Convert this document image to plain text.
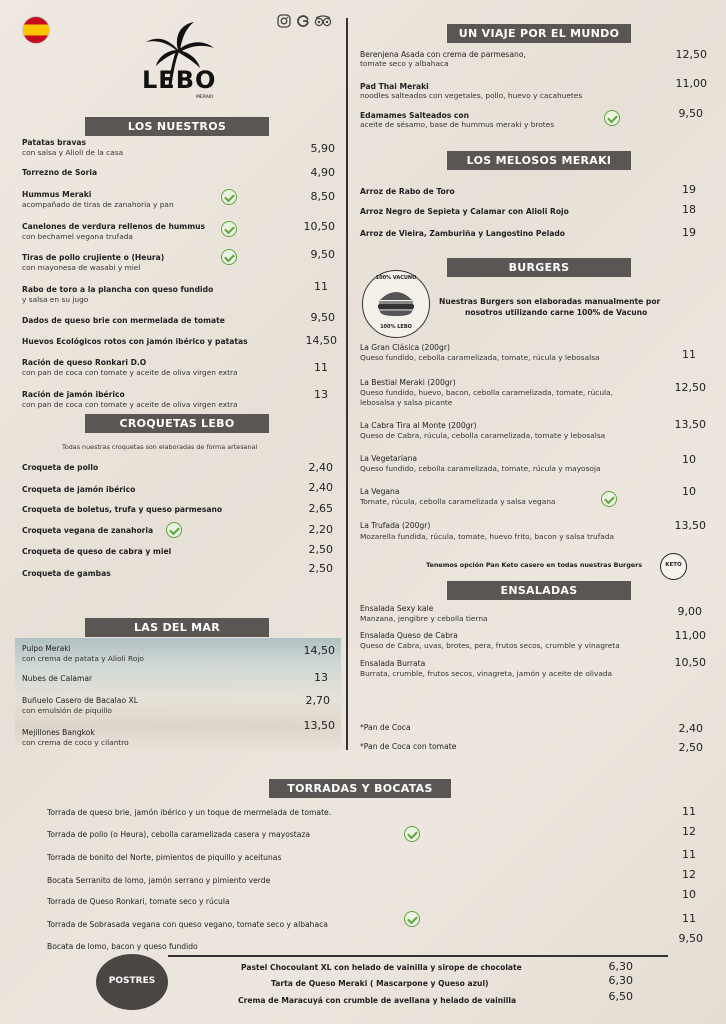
LEBO
MERAKI
LOS NUESTROS
Patatas bravas
con salsa y Alioli de la casa	5,90
Torrezno de Soria	4,90
Hummus Meraki
acompañado de tiras de zanahoria y pan
8,50
Canelones de verdura rellenos de hummus
con bechamel vegana trufada
10,50
Tiras de pollo crujiente o (Heura)
con mayonesa de wasabi y miel
9,50
Rabo de toro a la plancha con queso fundido
y salsa en su jugo
11
Dados de queso brie con mermelada de tomate	9,50
Huevos Ecológicos rotos con jamón ibérico y patatas	14,50
Ración de queso Ronkari D.O
con pan de coca con tomate y aceite de oliva virgen extra	11
Ración de jamón ibérico
con pan de coca con tomate y aceite de oliva virgen extra
13
CROQUETAS LEBO
Todas nuestras croquetas son elaboradas de forma artesanal
Croqueta de pollo	2,40
Croqueta de jamón ibérico	2,40
Croqueta de boletus, trufa y queso parmesano	2,65
Croqueta vegana de zanahoria	2,20
Croqueta de queso de cabra y miel	2,50
Croqueta de gambas	2,50
LAS DEL MAR
Pulpo Meraki
con crema de patata y Alioli Rojo
14,50
Nubes de Calamar	13
Buñuelo Casero de Bacalao XL
con emulsión de piquillo
2,70
Mejillones Bangkok
con crema de coco y cilantro
13,50
UN VIAJE POR EL MUNDO
Berenjena Asada con crema de parmesano,
tomate seco y albahaca
12,50
Pad Thai Meraki
noodles salteados con vegetales, pollo, huevo y cacahuetes
11,00
Edamames Salteados con
aceite de sésamo, base de hummus meraki y brotes
9,50
LOS MELOSOS MERAKI
Arroz de Rabo de Toro	19
Arroz Negro de Sepieta y Calamar con Alioli Rojo	18
Arroz de Vieira, Zamburiña y Langostino Pelado	19
BURGERS
100% VACUNO
100% LEBO
Nuestras Burgers son elaboradas manualmente por
nosotros utilizando carne 100% de Vacuno
La Gran Clásica (200gr)
Queso fundido, cebolla caramelizada, tomate, rúcula y lebosalsa	11
La Bestial Meraki (200gr)
Queso fundido, huevo, bacon, cebolla caramelizada, tomate, rúcula,
lebosalsa y salsa picante
12,50
La Cabra Tira al Monte (200gr)
Queso de Cabra, rúcula, cebolla caramelizada, tomate y lebosalsa
13,50
La Vegetariana
Queso fundido, cebolla caramelizada, tomate, rúcula y mayosoja
10
La Vegana
Tomate, rúcula, cebolla caramelizada y salsa vegana
10
La Trufada (200gr)
Mozarella fundida, rúcula, tomate, huevo frito, bacon y salsa trufada
13,50
Tenemos opción Pan Keto casero en todas nuestras Burgers	KETO
ENSALADAS
Ensalada Sexy kale
Manzana, jengibre y cebolla tierna
9,00
Ensalada Queso de Cabra
Queso de Cabra, uvas, brotes, pera, frutos secos, crumble y vinagreta
11,00
Ensalada Burrata
Burrata, crumble, frutos secos, vinagreta, jamón y aceite de olivada
10,50
*Pan de Coca	2,40
*Pan de Coca con tomate	2,50
TORRADAS Y BOCATAS
Torrada de queso brie, jamón ibérico y un toque de mermelada de tomate.	11
Torrada de pollo (o Heura), cebolla caramelizada casera y mayostaza	12
Torrada de bonito del Norte, pimientos de piquillo y aceitunas	11
Bocata Serranito de lomo, jamón serrano y pimiento verde	12
Torrada de Queso Ronkari, tomate seco y rúcula
10
Torrada de Sobrasada vegana con queso vegano, tomate seco y albahaca	11
Bocata de lomo, bacon y queso fundido
9,50
POSTRES
Pastel Chocoulant XL con helado de vainilla y sirope de chocolate	6,30
Tarta de Queso Meraki ( Mascarpone y Queso azul)	6,30
Crema de Maracuyá con crumble de avellana y helado de vainilla	6,50
